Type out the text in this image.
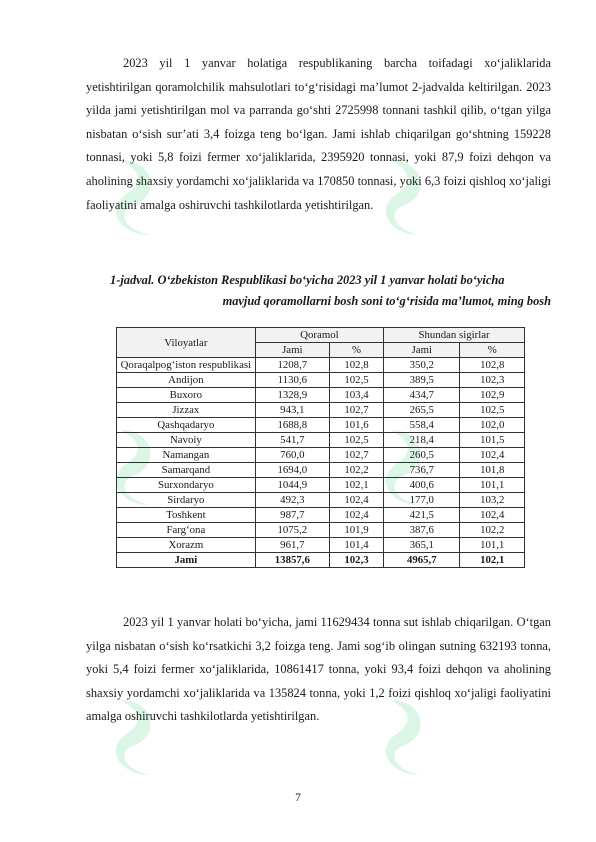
2023 yil 1 yanvar holatiga respublikaning barcha toifadagi xo‘jaliklarida yetishtirilgan qoramolchilik mahsulotlari to‘g‘risidagi ma’lumot 2-jadvalda keltirilgan. 2023 yilda jami yetishtirilgan mol va parranda go‘shti 2725998 tonnani tashkil qilib, o‘tgan yilga nisbatan o‘sish sur’ati 3,4 foizga teng bo‘lgan. Jami ishlab chiqarilgan go‘shtning 159228 tonnasi, yoki 5,8 foizi fermer xo‘jaliklarida, 2395920 tonnasi, yoki 87,9 foizi dehqon va aholining shaxsiy yordamchi xo‘jaliklarida va 170850 tonnasi, yoki 6,3 foizi qishloq xo‘jaligi faoliyatini amalga oshiruvchi tashkilotlarda yetishtirilgan.

1-jadval. O‘zbekiston Respublikasi bo‘yicha 2023 yil 1 yanvar holati bo‘yicha
mavjud qoramollarni bosh soni to‘g‘risida ma’lumot, ming bosh

Viloyatlar	Qoramol		Shundan sigirlar	
	Jami	%	Jami	%
Qoraqalpog‘iston respublikasi	1208,7	102,8	350,2	102,8
Andijon	1130,6	102,5	389,5	102,3
Buxoro	1328,9	103,4	434,7	102,9
Jizzax	943,1	102,7	265,5	102,5
Qashqadaryo	1688,8	101,6	558,4	102,0
Navoiy	541,7	102,5	218,4	101,5
Namangan	760,0	102,7	260,5	102,4
Samarqand	1694,0	102,2	736,7	101,8
Surxondaryo	1044,9	102,1	400,6	101,1
Sirdaryo	492,3	102,4	177,0	103,2
Toshkent	987,7	102,4	421,5	102,4
Farg‘ona	1075,2	101,9	387,6	102,2
Xorazm	961,7	101,4	365,1	101,1
Jami	13857,6	102,3	4965,7	102,1

2023 yil 1 yanvar holati bo‘yicha, jami 11629434 tonna sut ishlab chiqarilgan. O‘tgan yilga nisbatan o‘sish ko‘rsatkichi 3,2 foizga teng. Jami sog‘ib olingan sutning 632193 tonna, yoki 5,4 foizi fermer xo‘jaliklarida, 10861417 tonna, yoki 93,4 foizi dehqon va aholining shaxsiy yordamchi xo‘jaliklarida va 135824 tonna, yoki 1,2 foizi qishloq xo‘jaligi faoliyatini amalga oshiruvchi tashkilotlarda yetishtirilgan.

7
